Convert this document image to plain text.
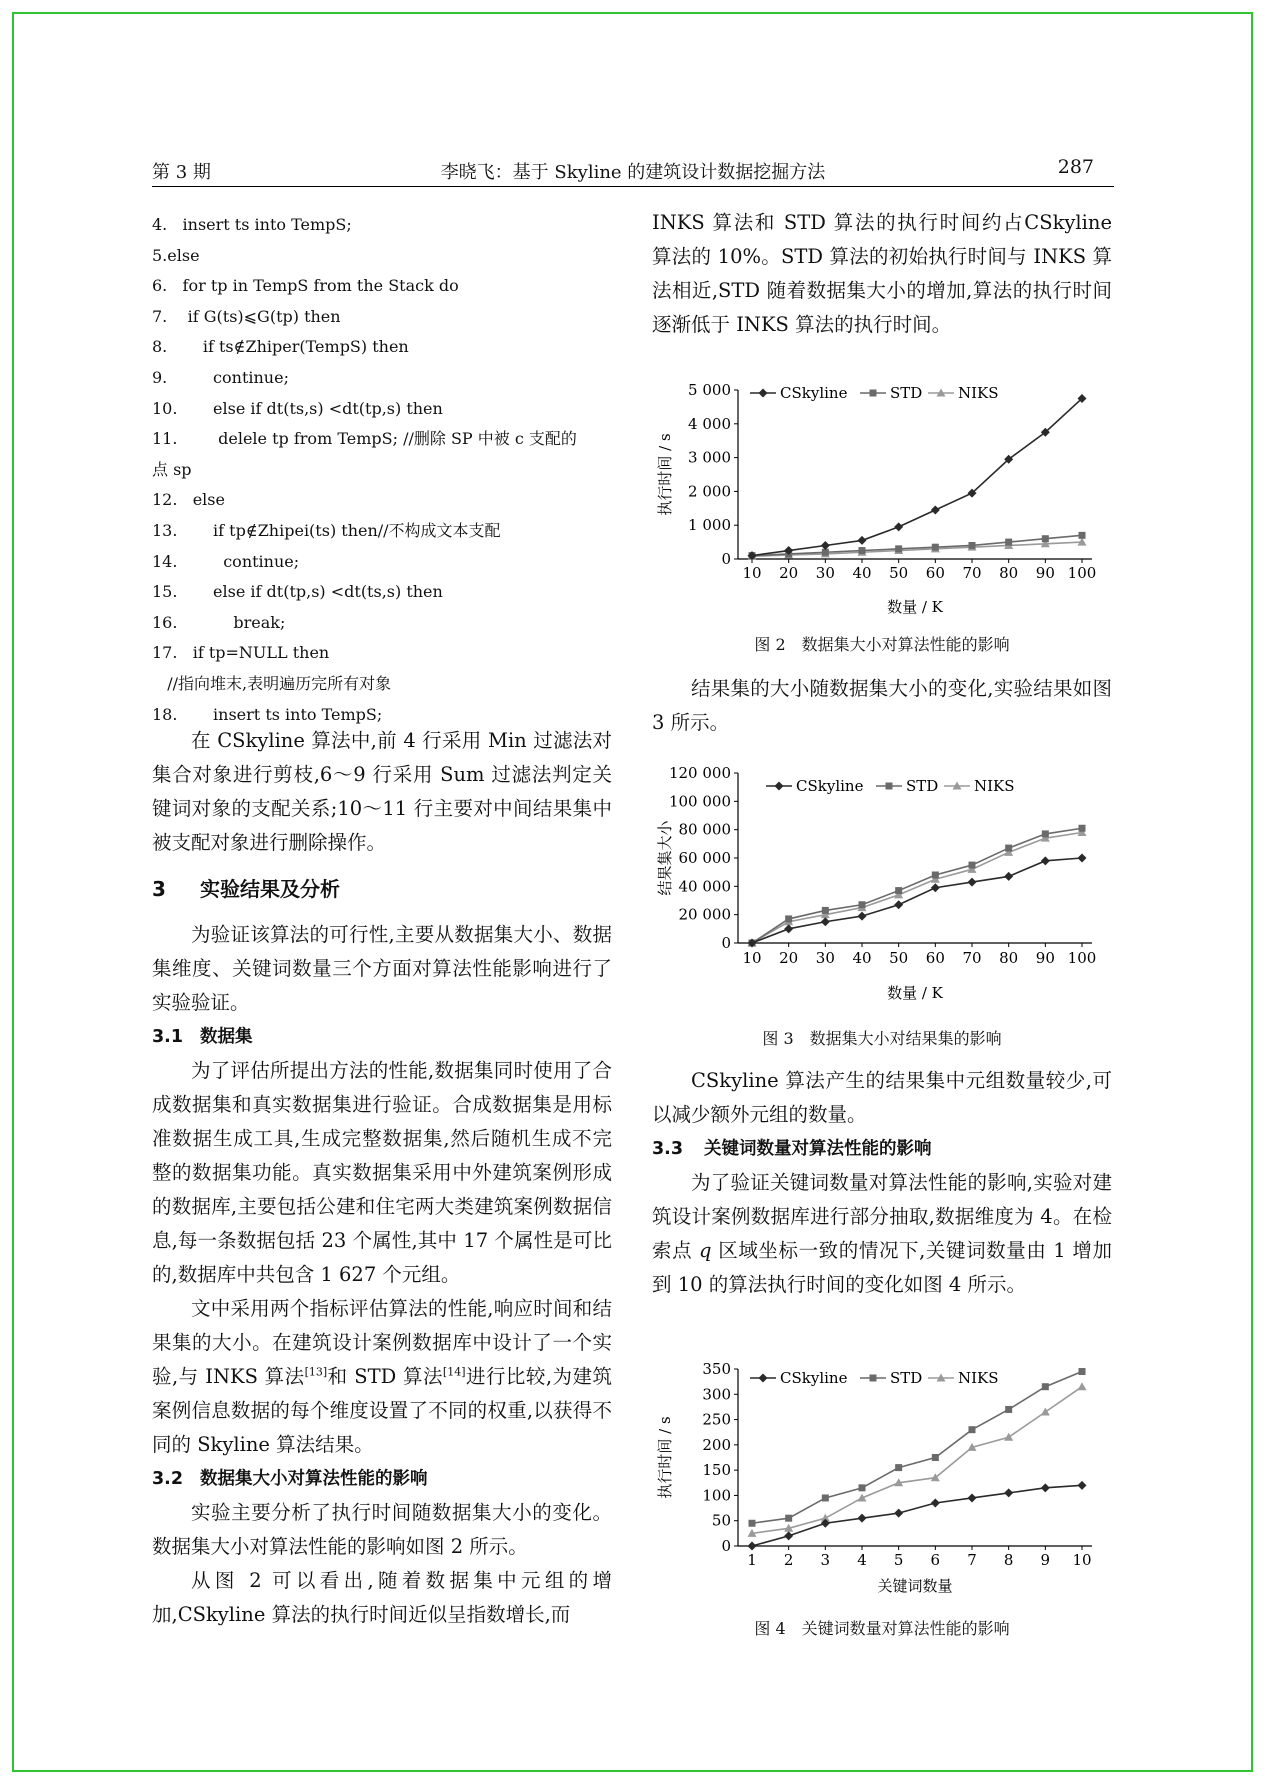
第 3 期	李晓飞：基于 Skyline 的建筑设计数据挖掘方法	287
4.   insert ts into TempS;
5.else
6.   for tp in TempS from the Stack do
7.    if G(ts)⩽G(tp) then
8.       if ts∉Zhiper(TempS) then
9.         continue;
10.       else if dt(ts,s) <dt(tp,s) then
11.        delele tp from TempS; //删除 SP 中被 c 支配的
点 sp
12.   else
13.       if tp∉Zhipei(ts) then//不构成文本支配
14.         continue;
15.       else if dt(tp,s) <dt(ts,s) then
16.           break;
17.   if tp=NULL then
//指向堆末,表明遍历完所有对象
18.       insert ts into TempS;

在 CSkyline 算法中,前 4 行采用 Min 过滤法对集合对象进行剪枝,6～9 行采用 Sum 过滤法判定关键词对象的支配关系;10～11 行主要对中间结果集中被支配对象进行删除操作。

3 实验结果及分析

为验证该算法的可行性,主要从数据集大小、数据集维度、关键词数量三个方面对算法性能影响进行了实验验证。

3.1 数据集

为了评估所提出方法的性能,数据集同时使用了合成数据集和真实数据集进行验证。合成数据集是用标准数据生成工具,生成完整数据集,然后随机生成不完整的数据集功能。真实数据集采用中外建筑案例形成的数据库,主要包括公建和住宅两大类建筑案例数据信息,每一条数据包括 23 个属性,其中 17 个属性是可比的,数据库中共包含 1 627 个元组。

文中采用两个指标评估算法的性能,响应时间和结果集的大小。在建筑设计案例数据库中设计了一个实验,与 INKS 算法[13]和 STD 算法[14]进行比较,为建筑案例信息数据的每个维度设置了不同的权重,以获得不同的 Skyline 算法结果。

3.2 数据集大小对算法性能的影响

实验主要分析了执行时间随数据集大小的变化。数据集大小对算法性能的影响如图 2 所示。

从图 2 可以看出,随着数据集中元组的增加,CSkyline 算法的执行时间近似呈指数增长,而

INKS 算法和 STD 算法的执行时间约占CSkyline 算法的 10%。STD 算法的初始执行时间与 INKS 算法相近,STD 随着数据集大小的增加,算法的执行时间逐渐低于 INKS 算法的执行时间。

0
1 000
2 000
3 000
4 000
5 000
10 20 30 40 50 60 70 80 90 100
数量 / K
执行时间 / s
CSkyline	STD NIKS
图 2　数据集大小对算法性能的影响

结果集的大小随数据集大小的变化,实验结果如图 3 所示。

0
20 000
40 000
60 000
80 000
100 000
120 000
10 20 30 40 50 60 70 80 90 100
数量 / K
结果集大小
CSkyline	STD NIKS
图 3　数据集大小对结果集的影响

CSkyline 算法产生的结果集中元组数量较少,可以减少额外元组的数量。

3.3 关键词数量对算法性能的影响

为了验证关键词数量对算法性能的影响,实验对建筑设计案例数据库进行部分抽取,数据维度为 4。在检索点 q 区域坐标一致的情况下,关键词数量由 1 增加到 10 的算法执行时间的变化如图 4 所示。

0
50
100
150
200
250
300
350
1 2 3 4 5 6 7 8 9 10
关键词数量
执行时间 / s
CSkyline	STD NIKS
图 4　关键词数量对算法性能的影响
